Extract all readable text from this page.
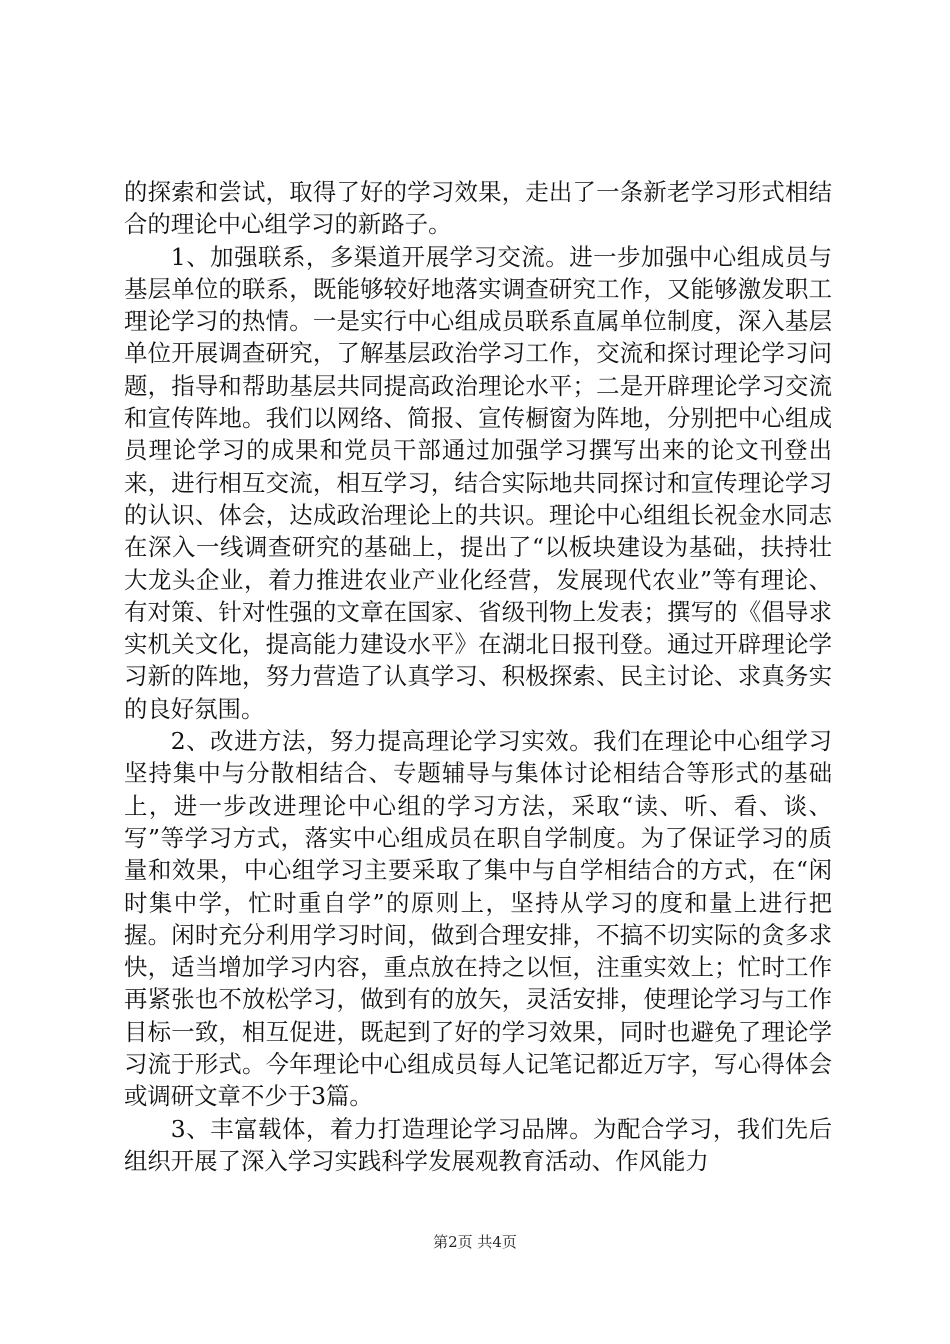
的探索和尝试，取得了好的学习效果，走出了一条新老学习形式相结合的理论中心组学习的新路子。

1、加强联系，多渠道开展学习交流。进一步加强中心组成员与基层单位的联系，既能够较好地落实调查研究工作，又能够激发职工理论学习的热情。一是实行中心组成员联系直属单位制度，深入基层单位开展调查研究，了解基层政治学习工作，交流和探讨理论学习问题，指导和帮助基层共同提高政治理论水平；二是开辟理论学习交流和宣传阵地。我们以网络、简报、宣传橱窗为阵地，分别把中心组成员理论学习的成果和党员干部通过加强学习撰写出来的论文刊登出来，进行相互交流，相互学习，结合实际地共同探讨和宣传理论学习的认识、体会，达成政治理论上的共识。理论中心组组长祝金水同志在深入一线调查研究的基础上，提出了“以板块建设为基础，扶持壮大龙头企业，着力推进农业产业化经营，发展现代农业”等有理论、有对策、针对性强的文章在国家、省级刊物上发表；撰写的《倡导求实机关文化，提高能力建设水平》在湖北日报刊登。通过开辟理论学习新的阵地，努力营造了认真学习、积极探索、民主讨论、求真务实的良好氛围。

2、改进方法，努力提高理论学习实效。我们在理论中心组学习坚持集中与分散相结合、专题辅导与集体讨论相结合等形式的基础上，进一步改进理论中心组的学习方法，采取“读、听、看、谈、写”等学习方式，落实中心组成员在职自学制度。为了保证学习的质量和效果，中心组学习主要采取了集中与自学相结合的方式，在“闲时集中学，忙时重自学”的原则上，坚持从学习的度和量上进行把握。闲时充分利用学习时间，做到合理安排，不搞不切实际的贪多求快，适当增加学习内容，重点放在持之以恒，注重实效上；忙时工作再紧张也不放松学习，做到有的放矢，灵活安排，使理论学习与工作目标一致，相互促进，既起到了好的学习效果，同时也避免了理论学习流于形式。今年理论中心组成员每人记笔记都近万字，写心得体会或调研文章不少于3篇。

3、丰富载体，着力打造理论学习品牌。为配合学习，我们先后组织开展了深入学习实践科学发展观教育活动、作风能力

第2页 共4页
